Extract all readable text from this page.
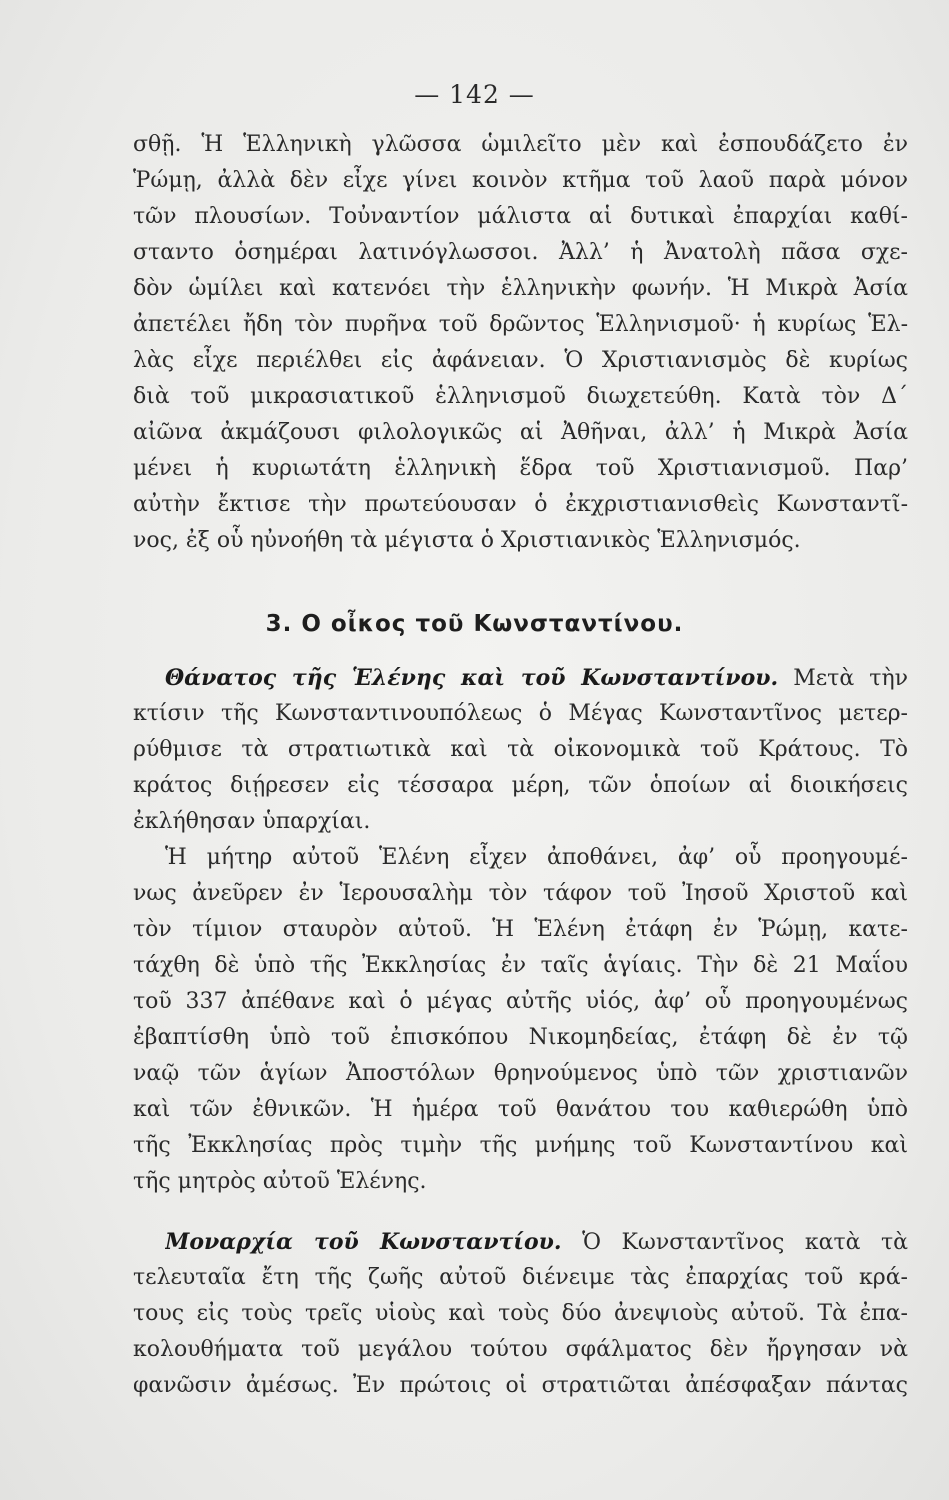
— 142 —
σθῇ. Ἡ Ἑλληνικὴ γλῶσσα ὡμιλεῖτο μὲν καὶ ἐσπουδάζετο ἐν
Ῥώμῃ, ἀλλὰ δὲν εἶχε γίνει κοινὸν κτῆμα τοῦ λαοῦ παρὰ μόνον
τῶν πλουσίων. Τοὐναντίον μάλιστα αἱ δυτικαὶ ἐπαρχίαι καθί-
σταντο ὁσημέραι λατινόγλωσσοι. Ἀλλ’ ἡ Ἀνατολὴ πᾶσα σχε-
δὸν ὡμίλει καὶ κατενόει τὴν ἑλληνικὴν φωνήν. Ἡ Μικρὰ Ἀσία
ἀπετέλει ἤδη τὸν πυρῆνα τοῦ δρῶντος Ἑλληνισμοῦ· ἡ κυρίως Ἑλ-
λὰς εἶχε περιέλθει εἰς ἀφάνειαν. Ὁ Χριστιανισμὸς δὲ κυρίως
διὰ τοῦ μικρασιατικοῦ ἑλληνισμοῦ διωχετεύθη. Κατὰ τὸν Δ´
αἰῶνα ἀκμάζουσι φιλολογικῶς αἱ Ἀθῆναι, ἀλλ’ ἡ Μικρὰ Ἀσία
μένει ἡ κυριωτάτη ἑλληνικὴ ἕδρα τοῦ Χριστιανισμοῦ. Παρ’
αὐτὴν ἔκτισε τὴν πρωτεύουσαν ὁ ἐκχριστιανισθεὶς Κωνσταντῖ-
νος, ἐξ οὗ ηὐνοήθη τὰ μέγιστα ὁ Χριστιανικὸς Ἑλληνισμός.
3. Ο οἶκος τοῦ Κωνσταντίνου.
Θάνατος τῆς Ἑλένης καὶ τοῦ Κωνσταντίνου. Μετὰ τὴν
κτίσιν τῆς Κωνσταντινουπόλεως ὁ Μέγας Κωνσταντῖνος μετερ-
ρύθμισε τὰ στρατιωτικὰ καὶ τὰ οἰκονομικὰ τοῦ Κράτους. Τὸ
κράτος διῄρεσεν εἰς τέσσαρα μέρη, τῶν ὁποίων αἱ διοικήσεις
ἐκλήθησαν ὑπαρχίαι.
Ἡ μήτηρ αὐτοῦ Ἑλένη εἶχεν ἀποθάνει, ἀφ’ οὗ προηγουμέ-
νως ἀνεῦρεν ἐν Ἱερουσαλὴμ τὸν τάφον τοῦ Ἰησοῦ Χριστοῦ καὶ
τὸν τίμιον σταυρὸν αὐτοῦ. Ἡ Ἑλένη ἐτάφη ἐν Ῥώμῃ, κατε-
τάχθη δὲ ὑπὸ τῆς Ἐκκλησίας ἐν ταῖς ἁγίαις. Τὴν δὲ 21 Μαΐου
τοῦ 337 ἀπέθανε καὶ ὁ μέγας αὐτῆς υἱός, ἀφ’ οὗ προηγουμένως
ἐβαπτίσθη ὑπὸ τοῦ ἐπισκόπου Νικομηδείας, ἐτάφη δὲ ἐν τῷ
ναῷ τῶν ἁγίων Ἀποστόλων θρηνούμενος ὑπὸ τῶν χριστιανῶν
καὶ τῶν ἐθνικῶν. Ἡ ἡμέρα τοῦ θανάτου του καθιερώθη ὑπὸ
τῆς Ἐκκλησίας πρὸς τιμὴν τῆς μνήμης τοῦ Κωνσταντίνου καὶ
τῆς μητρὸς αὐτοῦ Ἑλένης.
Μοναρχία τοῦ Κωνσταντίου. Ὁ Κωνσταντῖνος κατὰ τὰ
τελευταῖα ἔτη τῆς ζωῆς αὐτοῦ διένειμε τὰς ἐπαρχίας τοῦ κρά-
τους εἰς τοὺς τρεῖς υἱοὺς καὶ τοὺς δύο ἀνεψιοὺς αὐτοῦ. Τὰ ἐπα-
κολουθήματα τοῦ μεγάλου τούτου σφάλματος δὲν ἤργησαν νὰ
φανῶσιν ἀμέσως. Ἐν πρώτοις οἱ στρατιῶται ἀπέσφαξαν πάντας
